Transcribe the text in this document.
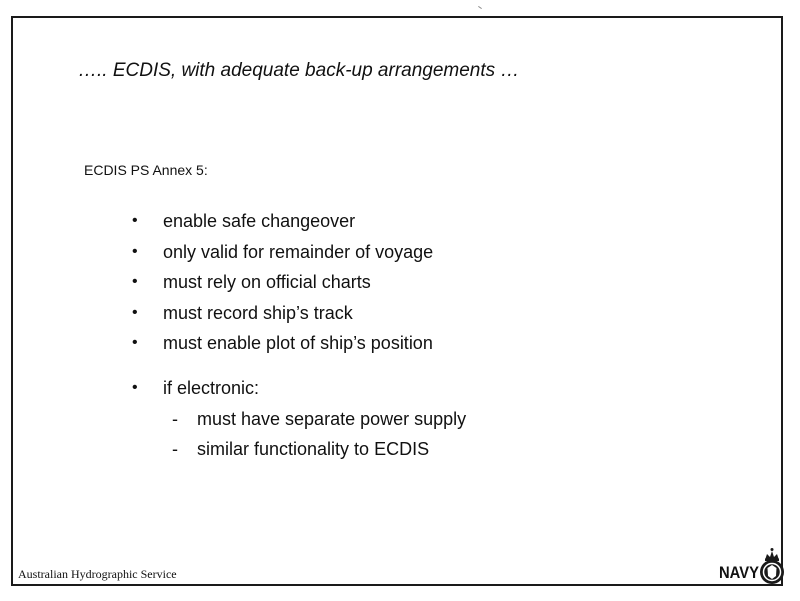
….. ECDIS, with adequate back-up arrangements …
ECDIS PS Annex 5:
• enable safe changeover
• only valid for remainder of voyage
• must rely on official charts
• must record ship’s track
• must enable plot of ship’s position
• if electronic:
- must have separate power supply
- similar functionality to ECDIS
Australian Hydrographic Service	NAVY
